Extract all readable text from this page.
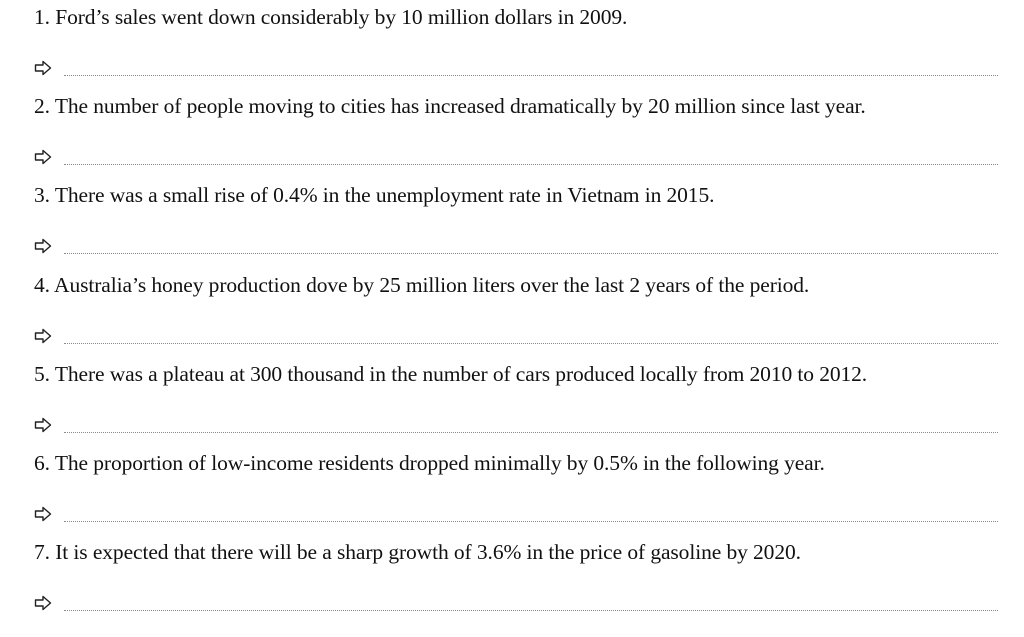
1. Ford’s sales went down considerably by 10 million dollars in 2009.
2. The number of people moving to cities has increased dramatically by 20 million since last year.
3. There was a small rise of 0.4% in the unemployment rate in Vietnam in 2015.
4. Australia’s honey production dove by 25 million liters over the last 2 years of the period.
5. There was a plateau at 300 thousand in the number of cars produced locally from 2010 to 2012.
6. The proportion of low-income residents dropped minimally by 0.5% in the following year.
7. It is expected that there will be a sharp growth of 3.6% in the price of gasoline by 2020.
